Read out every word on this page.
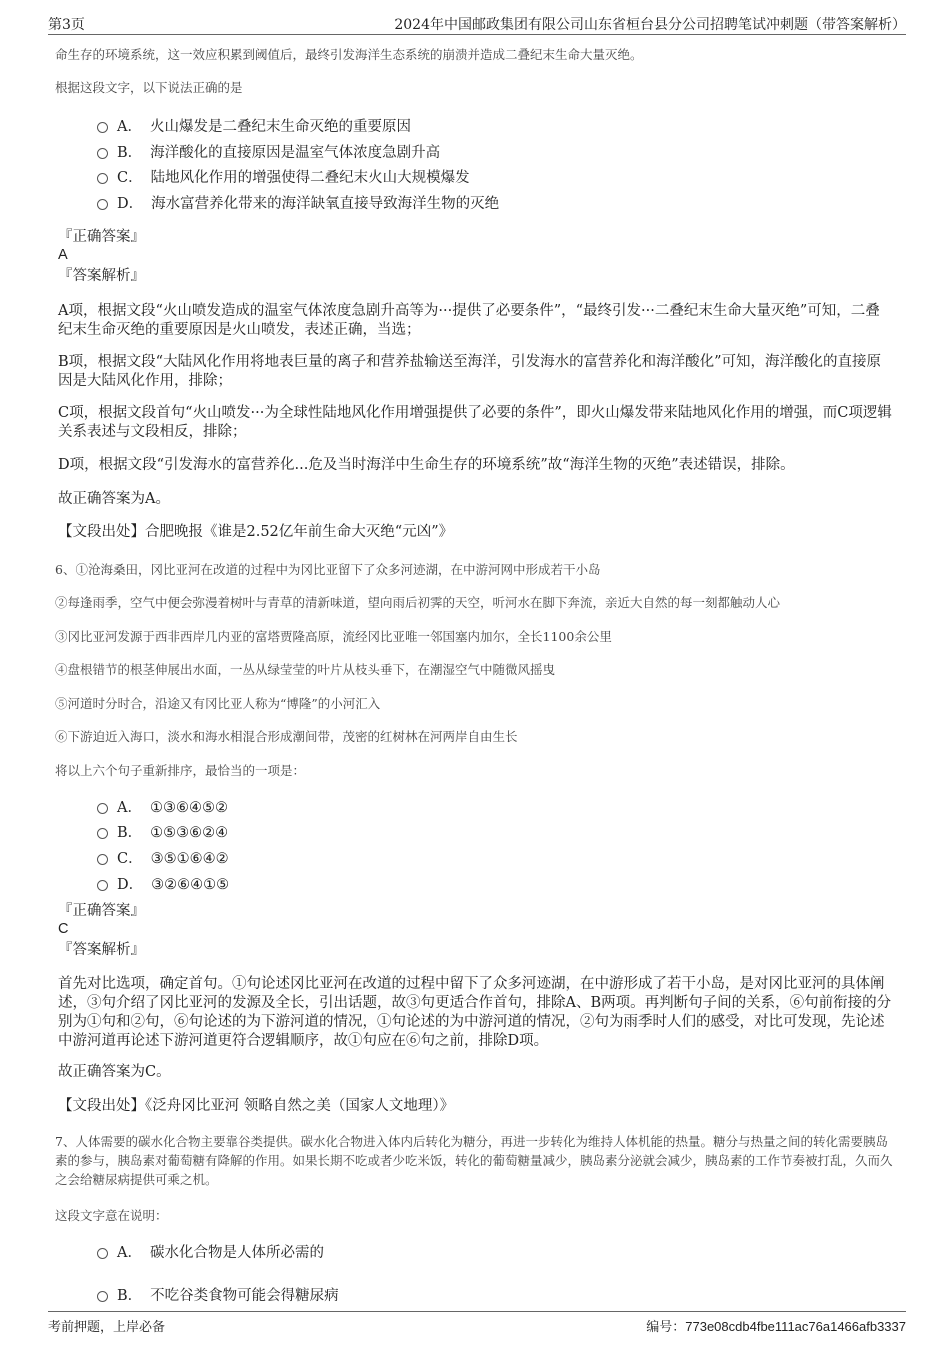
第3页	2024年中国邮政集团有限公司山东省桓台县分公司招聘笔试冲刺题（带答案解析）
命生存的环境系统，这一效应积累到阈值后，最终引发海洋生态系统的崩溃并造成二叠纪末生命大量灭绝。
根据这段文字，以下说法正确的是
A． 火山爆发是二叠纪末生命灭绝的重要原因
B． 海洋酸化的直接原因是温室气体浓度急剧升高
C． 陆地风化作用的增强使得二叠纪末火山大规模爆发
D． 海水富营养化带来的海洋缺氧直接导致海洋生物的灭绝
『正确答案』
A
『答案解析』
A项，根据文段“火山喷发造成的温室气体浓度急剧升高等为···提供了必要条件”，“最终引发···二叠纪末生命大量灭绝”可知，二叠纪末生命灭绝的重要原因是火山喷发，表述正确，当选；
B项，根据文段“大陆风化作用将地表巨量的离子和营养盐输送至海洋，引发海水的富营养化和海洋酸化”可知，海洋酸化的直接原因是大陆风化作用，排除；
C项，根据文段首句“火山喷发···为全球性陆地风化作用增强提供了必要的条件”，即火山爆发带来陆地风化作用的增强，而C项逻辑关系表述与文段相反，排除；
D项，根据文段“引发海水的富营养化...危及当时海洋中生命生存的环境系统”故“海洋生物的灭绝”表述错误，排除。
故正确答案为A。
【文段出处】合肥晚报《谁是2.52亿年前生命大灭绝“元凶”》
6、①沧海桑田，冈比亚河在改道的过程中为冈比亚留下了众多河迹湖，在中游河网中形成若干小岛
②每逢雨季，空气中便会弥漫着树叶与青草的清新味道，望向雨后初霁的天空，听河水在脚下奔流，亲近大自然的每一刻都触动人心
③冈比亚河发源于西非西岸几内亚的富塔贾隆高原，流经冈比亚唯一邻国塞内加尔，全长1100余公里
④盘根错节的根茎伸展出水面，一丛从绿莹莹的叶片从枝头垂下，在潮湿空气中随微风摇曳
⑤河道时分时合，沿途又有冈比亚人称为“博隆”的小河汇入
⑥下游迫近入海口，淡水和海水相混合形成潮间带，茂密的红树林在河两岸自由生长
将以上六个句子重新排序，最恰当的一项是：
A． ①③⑥④⑤②
B． ①⑤③⑥②④
C． ③⑤①⑥④②
D． ③②⑥④①⑤
『正确答案』
C
『答案解析』
首先对比选项，确定首句。①句论述冈比亚河在改道的过程中留下了众多河迹湖，在中游形成了若干小岛，是对冈比亚河的具体阐述，③句介绍了冈比亚河的发源及全长，引出话题，故③句更适合作首句，排除A、B两项。再判断句子间的关系，⑥句前衔接的分别为①句和②句，⑥句论述的为下游河道的情况，①句论述的为中游河道的情况，②句为雨季时人们的感受，对比可发现，先论述中游河道再论述下游河道更符合逻辑顺序，故①句应在⑥句之前，排除D项。
故正确答案为C。
【文段出处】《泛舟冈比亚河 领略自然之美（国家人文地理）》
7、人体需要的碳水化合物主要靠谷类提供。碳水化合物进入体内后转化为糖分，再进一步转化为维持人体机能的热量。糖分与热量之间的转化需要胰岛素的参与，胰岛素对葡萄糖有降解的作用。如果长期不吃或者少吃米饭，转化的葡萄糖量减少，胰岛素分泌就会减少，胰岛素的工作节奏被打乱，久而久之会给糖尿病提供可乘之机。
这段文字意在说明：
A． 碳水化合物是人体所必需的
B． 不吃谷类食物可能会得糖尿病
考前押题，上岸必备	编号：773e08cdb4fbe111ac76a1466afb3337
